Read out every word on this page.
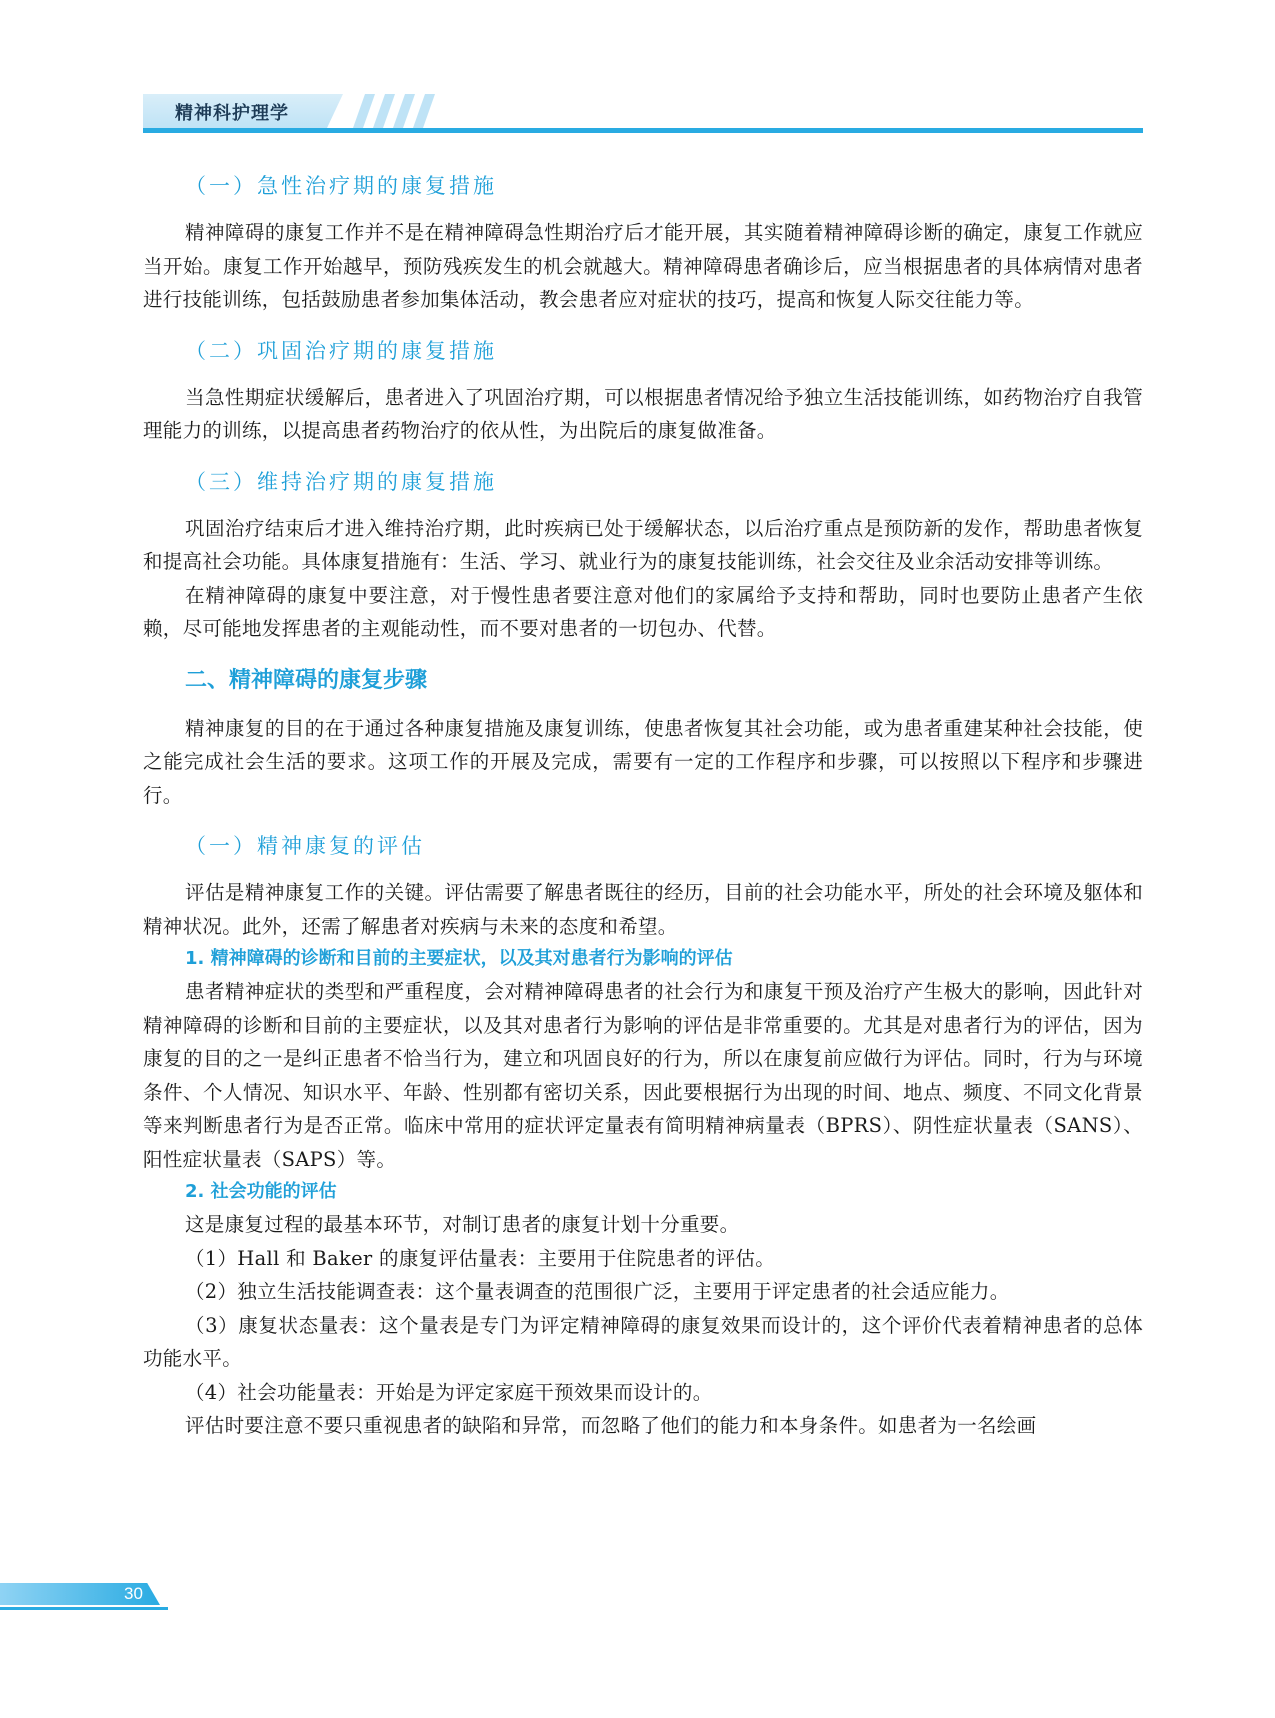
精神科护理学
（一）急性治疗期的康复措施

精神障碍的康复工作并不是在精神障碍急性期治疗后才能开展，其实随着精神障碍诊断的确定，康复工作就应当开始。康复工作开始越早，预防残疾发生的机会就越大。精神障碍患者确诊后，应当根据患者的具体病情对患者进行技能训练，包括鼓励患者参加集体活动，教会患者应对症状的技巧，提高和恢复人际交往能力等。

（二）巩固治疗期的康复措施

当急性期症状缓解后，患者进入了巩固治疗期，可以根据患者情况给予独立生活技能训练，如药物治疗自我管理能力的训练，以提高患者药物治疗的依从性，为出院后的康复做准备。

（三）维持治疗期的康复措施

巩固治疗结束后才进入维持治疗期，此时疾病已处于缓解状态，以后治疗重点是预防新的发作，帮助患者恢复和提高社会功能。具体康复措施有：生活、学习、就业行为的康复技能训练，社会交往及业余活动安排等训练。

在精神障碍的康复中要注意，对于慢性患者要注意对他们的家属给予支持和帮助，同时也要防止患者产生依赖，尽可能地发挥患者的主观能动性，而不要对患者的一切包办、代替。

二、精神障碍的康复步骤

精神康复的目的在于通过各种康复措施及康复训练，使患者恢复其社会功能，或为患者重建某种社会技能，使之能完成社会生活的要求。这项工作的开展及完成，需要有一定的工作程序和步骤，可以按照以下程序和步骤进行。

（一）精神康复的评估

评估是精神康复工作的关键。评估需要了解患者既往的经历，目前的社会功能水平，所处的社会环境及躯体和精神状况。此外，还需了解患者对疾病与未来的态度和希望。

1. 精神障碍的诊断和目前的主要症状，以及其对患者行为影响的评估

患者精神症状的类型和严重程度，会对精神障碍患者的社会行为和康复干预及治疗产生极大的影响，因此针对精神障碍的诊断和目前的主要症状，以及其对患者行为影响的评估是非常重要的。尤其是对患者行为的评估，因为康复的目的之一是纠正患者不恰当行为，建立和巩固良好的行为，所以在康复前应做行为评估。同时，行为与环境条件、个人情况、知识水平、年龄、性别都有密切关系，因此要根据行为出现的时间、地点、频度、不同文化背景等来判断患者行为是否正常。临床中常用的症状评定量表有简明精神病量表（BPRS）、阴性症状量表（SANS）、阳性症状量表（SAPS）等。

2. 社会功能的评估

这是康复过程的最基本环节，对制订患者的康复计划十分重要。

（1）Hall 和 Baker 的康复评估量表：主要用于住院患者的评估。

（2）独立生活技能调查表：这个量表调查的范围很广泛，主要用于评定患者的社会适应能力。

（3）康复状态量表：这个量表是专门为评定精神障碍的康复效果而设计的，这个评价代表着精神患者的总体功能水平。

（4）社会功能量表：开始是为评定家庭干预效果而设计的。

评估时要注意不要只重视患者的缺陷和异常，而忽略了他们的能力和本身条件。如患者为一名绘画

30
